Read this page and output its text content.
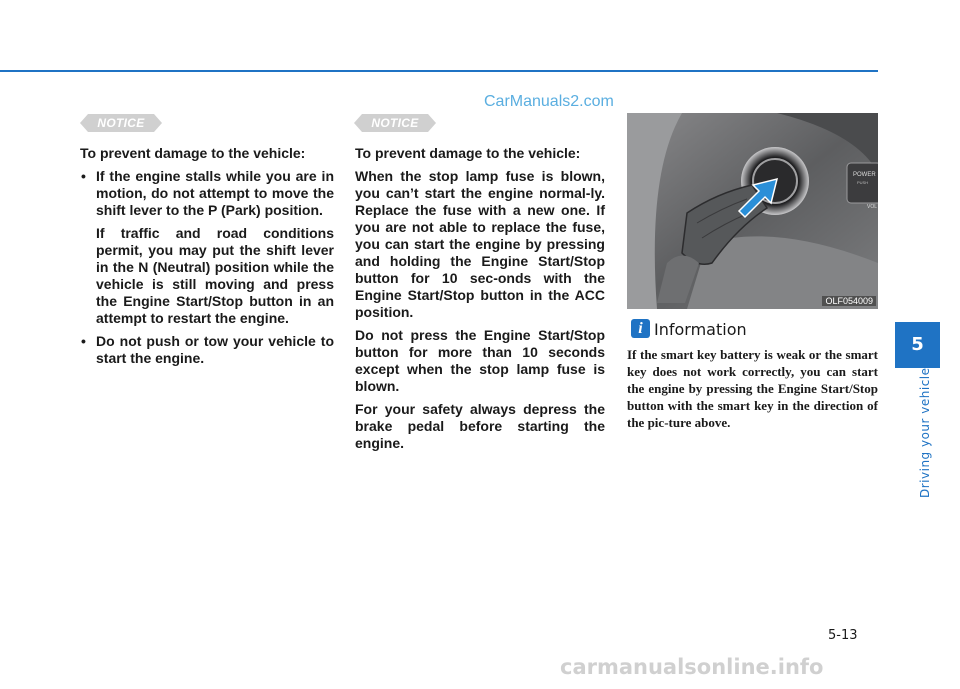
CarManuals2.com
NOTICE

To prevent damage to the vehicle:

• If the engine stalls while you are in motion, do not attempt to move the shift lever to the P (Park) position.

If traffic and road conditions permit, you may put the shift lever in the N (Neutral) position while the vehicle is still moving and press the Engine Start/Stop button in an attempt to restart the engine.

• Do not push or tow your vehicle to start the engine.

NOTICE

To prevent damage to the vehicle:

When the stop lamp fuse is blown, you can’t start the engine normal-ly. Replace the fuse with a new one. If you are not able to replace the fuse, you can start the engine by pressing and holding the Engine Start/Stop button for 10 sec-onds with the Engine Start/Stop button in the ACC position.

Do not press the Engine Start/Stop button for more than 10 seconds except when the stop lamp fuse is blown.

For your safety always depress the brake pedal before starting the engine.

POWER
PUSH
VOL
OLF054009
i Information
If the smart key battery is weak or the smart key does not work correctly, you can start the engine by pressing the Engine Start/Stop button with the smart key in the direction of the pic-ture above.
5
Driving your vehicle
5-13
carmanualsonline.info
